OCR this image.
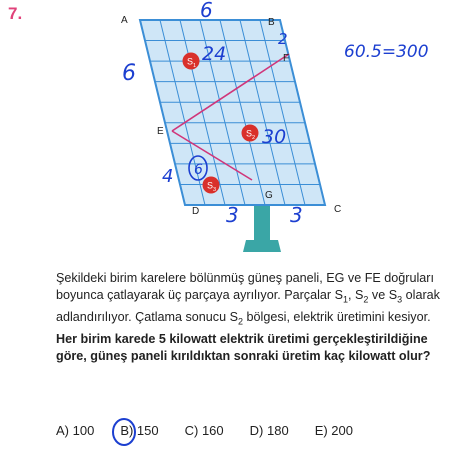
7.
S 1
S 2
S 3
A	B
C
D
E
F
G
6
2
6
24
30
4 6
3	3
60.5=300

Şekildeki birim karelere bölünmüş güneş paneli, EG ve FE doğruları boyunca çatlayarak üç parçaya ayrılıyor. Parçalar $S_1$, $S_2$ ve $S_3$ olarak adlandırılıyor. Çatlama sonucu $S_2$ bölgesi, elektrik üretimini kesiyor.

Her birim karede 5 kilowatt elektrik üretimi gerçekleştirildiğine göre, güneş paneli kırıldıktan sonraki üretim kaç kilowatt olur?

A) 100 B) 150 C) 160 D) 180 E) 200
